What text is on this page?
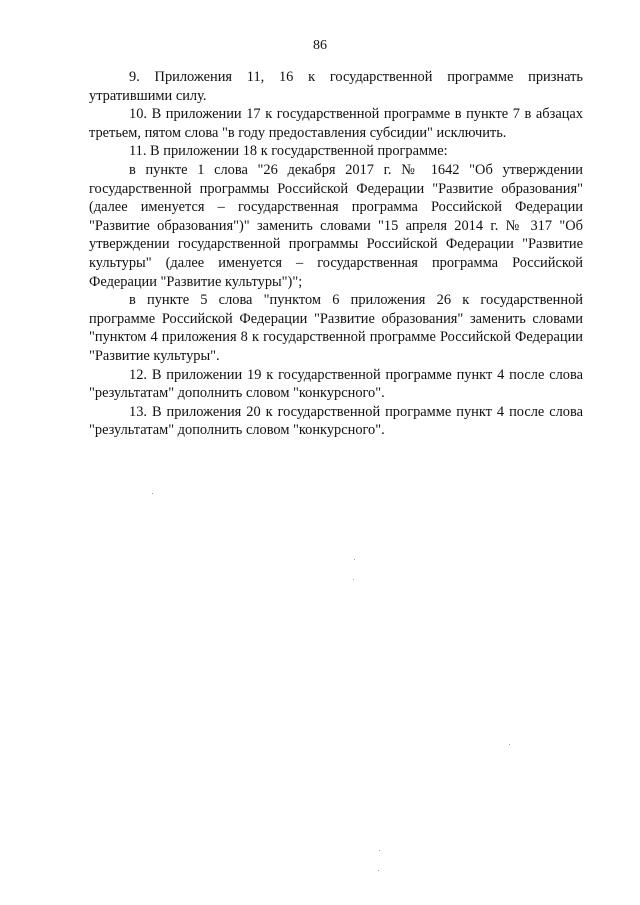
86

9. Приложения 11, 16 к государственной программе признать утратившими силу.

10. В приложении 17 к государственной программе в пункте 7 в абзацах третьем, пятом слова "в году предоставления субсидии" исключить.

11. В приложении 18 к государственной программе:

в пункте 1 слова "26 декабря 2017 г. № 1642 "Об утверждении государственной программы Российской Федерации "Развитие образования" (далее именуется – государственная программа Российской Федерации "Развитие образования")" заменить словами "15 апреля 2014 г. № 317 "Об утверждении государственной программы Российской Федерации "Развитие культуры" (далее именуется – государственная программа Российской Федерации "Развитие культуры")";

в пункте 5 слова "пунктом 6 приложения 26 к государственной программе Российской Федерации "Развитие образования" заменить словами "пунктом 4 приложения 8 к государственной программе Российской Федерации "Развитие культуры".

12. В приложении 19 к государственной программе пункт 4 после слова "результатам" дополнить словом "конкурсного".

13. В приложения 20 к государственной программе пункт 4 после слова "результатам" дополнить словом "конкурсного".
